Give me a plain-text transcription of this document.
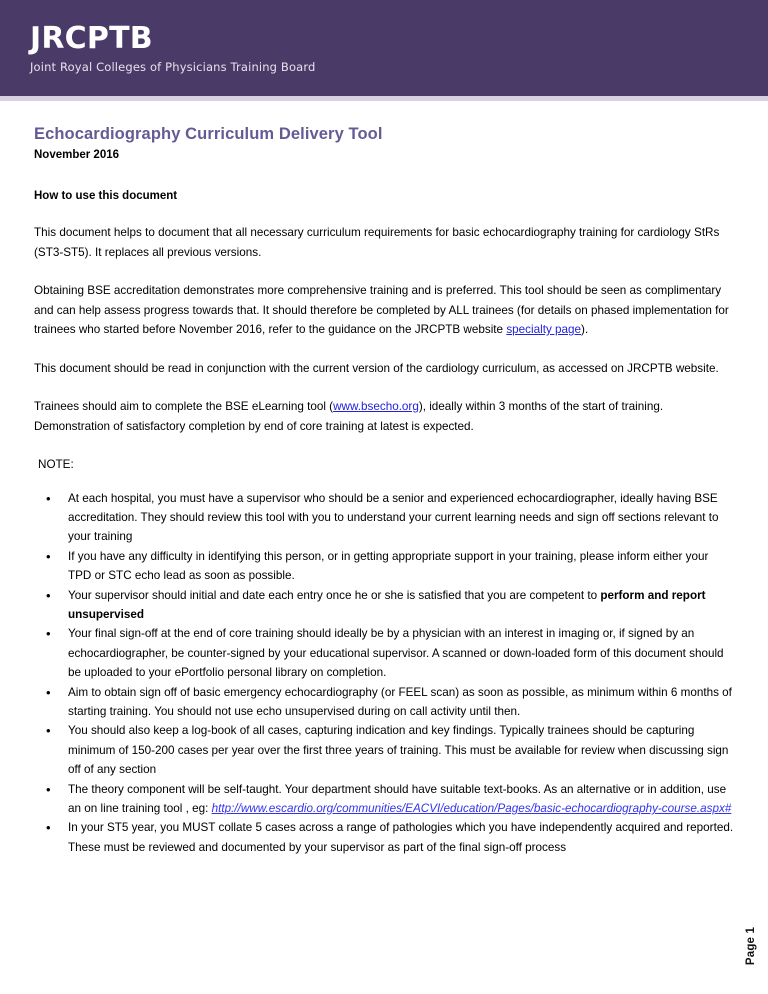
JRCPTB
Joint Royal Colleges of Physicians Training Board
Echocardiography Curriculum Delivery Tool
November 2016
How to use this document

This document helps to document that all necessary curriculum requirements for basic echocardiography training for cardiology StRs (ST3-ST5). It replaces all previous versions.

Obtaining BSE accreditation demonstrates more comprehensive training and is preferred. This tool should be seen as complimentary and can help assess progress towards that. It should therefore be completed by ALL trainees (for details on phased implementation for trainees who started before November 2016, refer to the guidance on the JRCPTB website specialty page).

This document should be read in conjunction with the current version of the cardiology curriculum, as accessed on JRCPTB website.

Trainees should aim to complete the BSE eLearning tool (www.bsecho.org), ideally within 3 months of the start of training. Demonstration of satisfactory completion by end of core training at latest is expected.

NOTE:
• At each hospital, you must have a supervisor who should be a senior and experienced echocardiographer, ideally having BSE accreditation. They should review this tool with you to understand your current learning needs and sign off sections relevant to your training
• If you have any difficulty in identifying this person, or in getting appropriate support in your training, please inform either your TPD or STC echo lead as soon as possible.
• Your supervisor should initial and date each entry once he or she is satisfied that you are competent to perform and report unsupervised
• Your final sign-off at the end of core training should ideally be by a physician with an interest in imaging or, if signed by an echocardiographer, be counter-signed by your educational supervisor. A scanned or down-loaded form of this document should be uploaded to your ePortfolio personal library on completion.
• Aim to obtain sign off of basic emergency echocardiography (or FEEL scan) as soon as possible, as minimum within 6 months of starting training. You should not use echo unsupervised during on call activity until then.
• You should also keep a log-book of all cases, capturing indication and key findings. Typically trainees should be capturing minimum of 150-200 cases per year over the first three years of training. This must be available for review when discussing sign off of any section
• The theory component will be self-taught. Your department should have suitable text-books. As an alternative or in addition, use an on line training tool , eg: http://www.escardio.org/communities/EACVI/education/Pages/basic-echocardiography-course.aspx#
• In your ST5 year, you MUST collate 5 cases across a range of pathologies which you have independently acquired and reported. These must be reviewed and documented by your supervisor as part of the final sign-off process
Page 1
